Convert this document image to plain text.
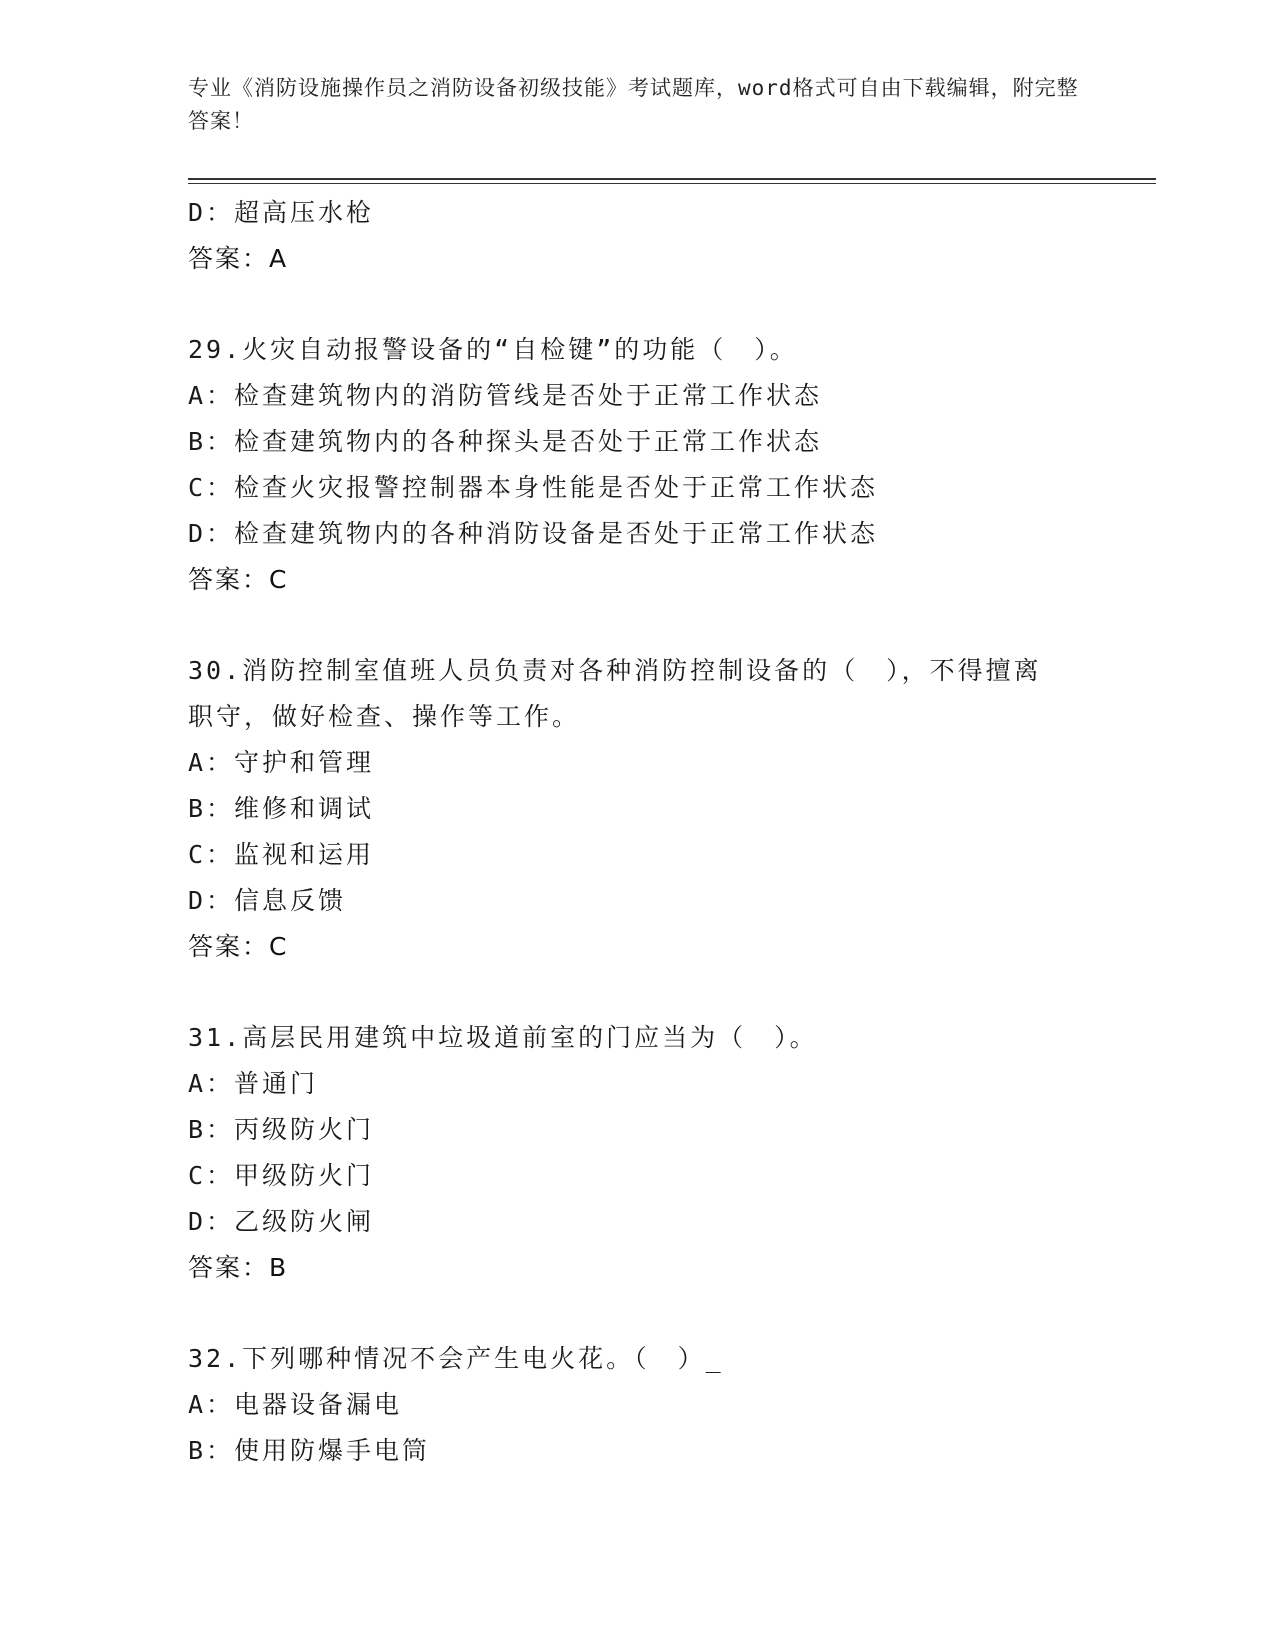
专业《消防设施操作员之消防设备初级技能》考试题库，word格式可自由下载编辑，附完整答案！
D：超高压水枪
答案：A
29.火灾自动报警设备的“自检键”的功能（　）。
A：检查建筑物内的消防管线是否处于正常工作状态
B：检查建筑物内的各种探头是否处于正常工作状态
C：检查火灾报警控制器本身性能是否处于正常工作状态
D：检查建筑物内的各种消防设备是否处于正常工作状态
答案：C
30.消防控制室值班人员负责对各种消防控制设备的（　），不得擅离
职守，做好检查、操作等工作。
A：守护和管理
B：维修和调试
C：监视和运用
D：信息反馈
答案：C
31.高层民用建筑中垃圾道前室的门应当为（　）。
A：普通门
B：丙级防火门
C：甲级防火门
D：乙级防火闸
答案：B
32.下列哪种情况不会产生电火花。（　）_
A：电器设备漏电
B：使用防爆手电筒
